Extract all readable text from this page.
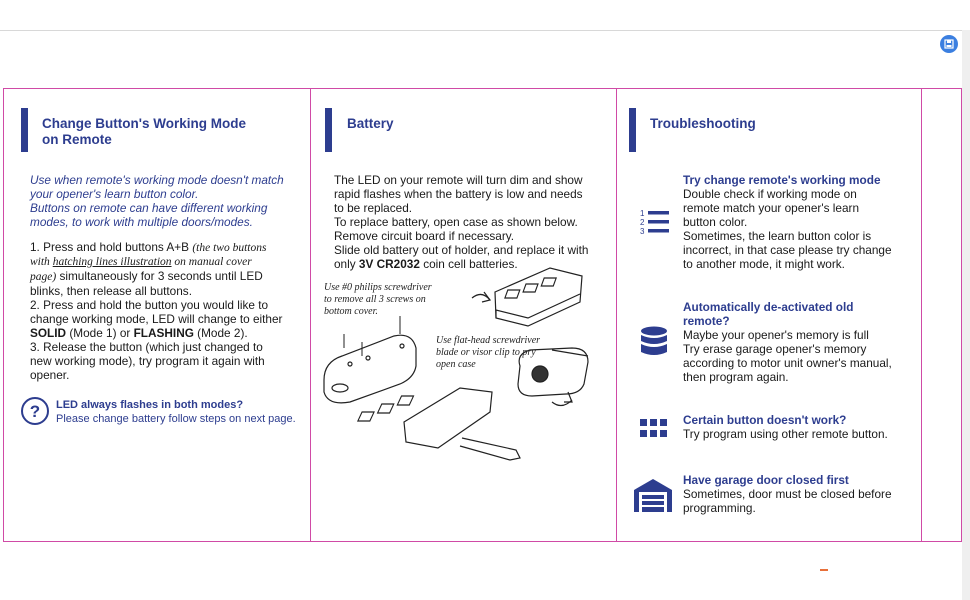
Change Button's Working Mode
on Remote
Use when remote's working mode doesn't match
your opener's learn button color.
Buttons on remote can have different working
modes, to work with multiple doors/modes.
1. Press and hold buttons A+B (the two buttons
with hatching lines illustration on manual cover
page) simultaneously for 3 seconds until LED
blinks, then release all buttons.
2. Press and hold the button you would like to
change working mode, LED will change to either
SOLID (Mode 1) or FLASHING (Mode 2).
3. Release the button (which just changed to
new working mode), try program it again with
opener.
? LED always flashes in both modes?
Please change battery follow steps on next page.
Battery
The LED on your remote will turn dim and show
rapid flashes when the battery is low and needs
to be replaced.
To replace battery, open case as shown below.
Remove circuit board if necessary.
Slide old battery out of holder, and replace it with
only 3V CR2032 coin cell batteries.
Use #0 philips screwdriver
to remove all 3 screws on
bottom cover.
Use flat-head screwdriver
blade or visor clip to pry
open case
Troubleshooting
1
2
3
Try change remote's working mode
Double check if working mode on
remote match your opener's learn
button color.
Sometimes, the learn button color is
incorrect, in that case please try change
to another mode, it might work.
Automatically de-activated old
remote?
Maybe your opener's memory is full
Try erase garage opener's memory
according to motor unit owner's manual,
then program again.
Certain button doesn't work?
Try program using other remote button.
Have garage door closed first
Sometimes, door must be closed before
programming.
